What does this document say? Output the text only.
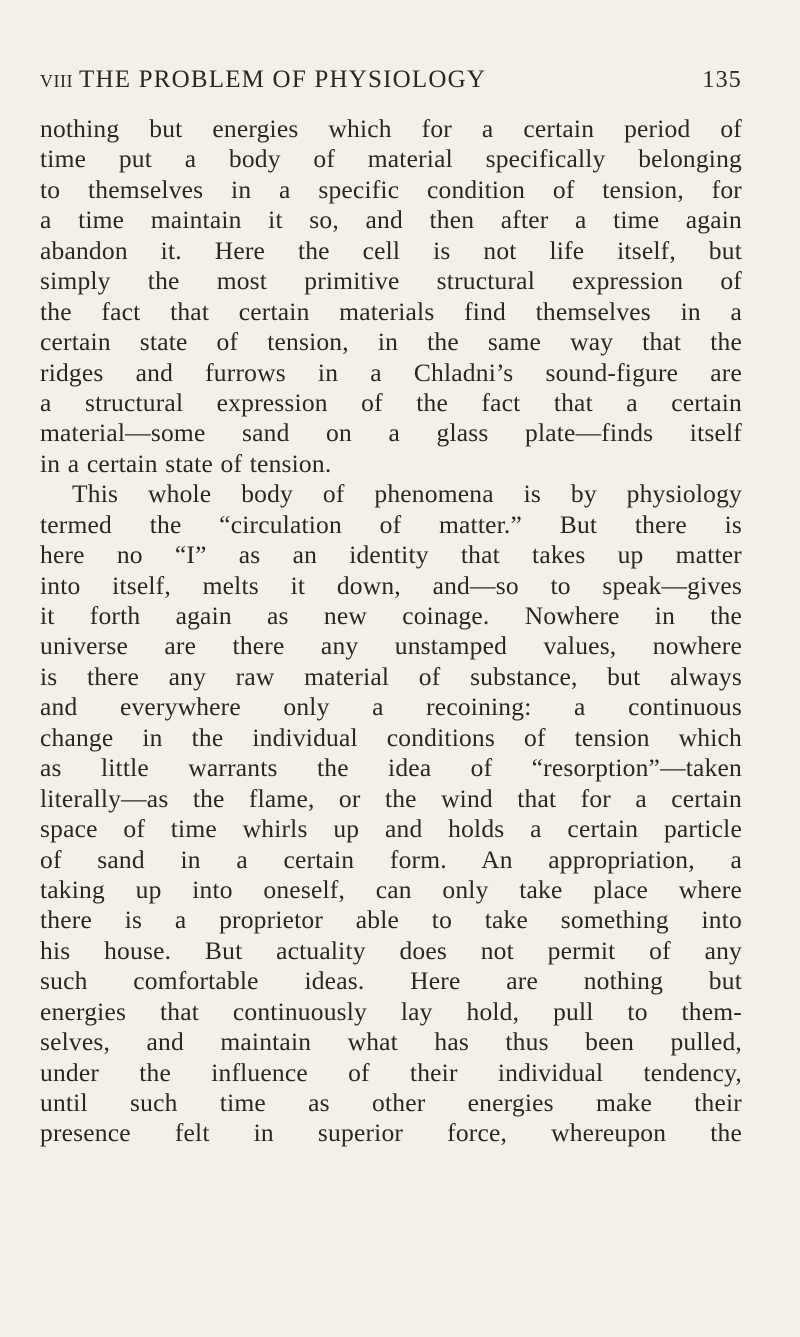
VIII THE PROBLEM OF PHYSIOLOGY	135
nothing but energies which for a certain period of
time put a body of material specifically belonging
to themselves in a specific condition of tension, for
a time maintain it so, and then after a time again
abandon it. Here the cell is not life itself, but
simply the most primitive structural expression of
the fact that certain materials find themselves in a
certain state of tension, in the same way that the
ridges and furrows in a Chladni’s sound-figure are
a structural expression of the fact that a certain
material—some sand on a glass plate—finds itself
in a certain state of tension.
This whole body of phenomena is by physiology
termed the “circulation of matter.” But there is
here no “I” as an identity that takes up matter
into itself, melts it down, and—so to speak—gives
it forth again as new coinage. Nowhere in the
universe are there any unstamped values, nowhere
is there any raw material of substance, but always
and everywhere only a recoining: a continuous
change in the individual conditions of tension which
as little warrants the idea of “resorption”—taken
literally—as the flame, or the wind that for a certain
space of time whirls up and holds a certain particle
of sand in a certain form. An appropriation, a
taking up into oneself, can only take place where
there is a proprietor able to take something into
his house. But actuality does not permit of any
such comfortable ideas. Here are nothing but
energies that continuously lay hold, pull to them-
selves, and maintain what has thus been pulled,
under the influence of their individual tendency,
until such time as other energies make their
presence felt in superior force, whereupon the
